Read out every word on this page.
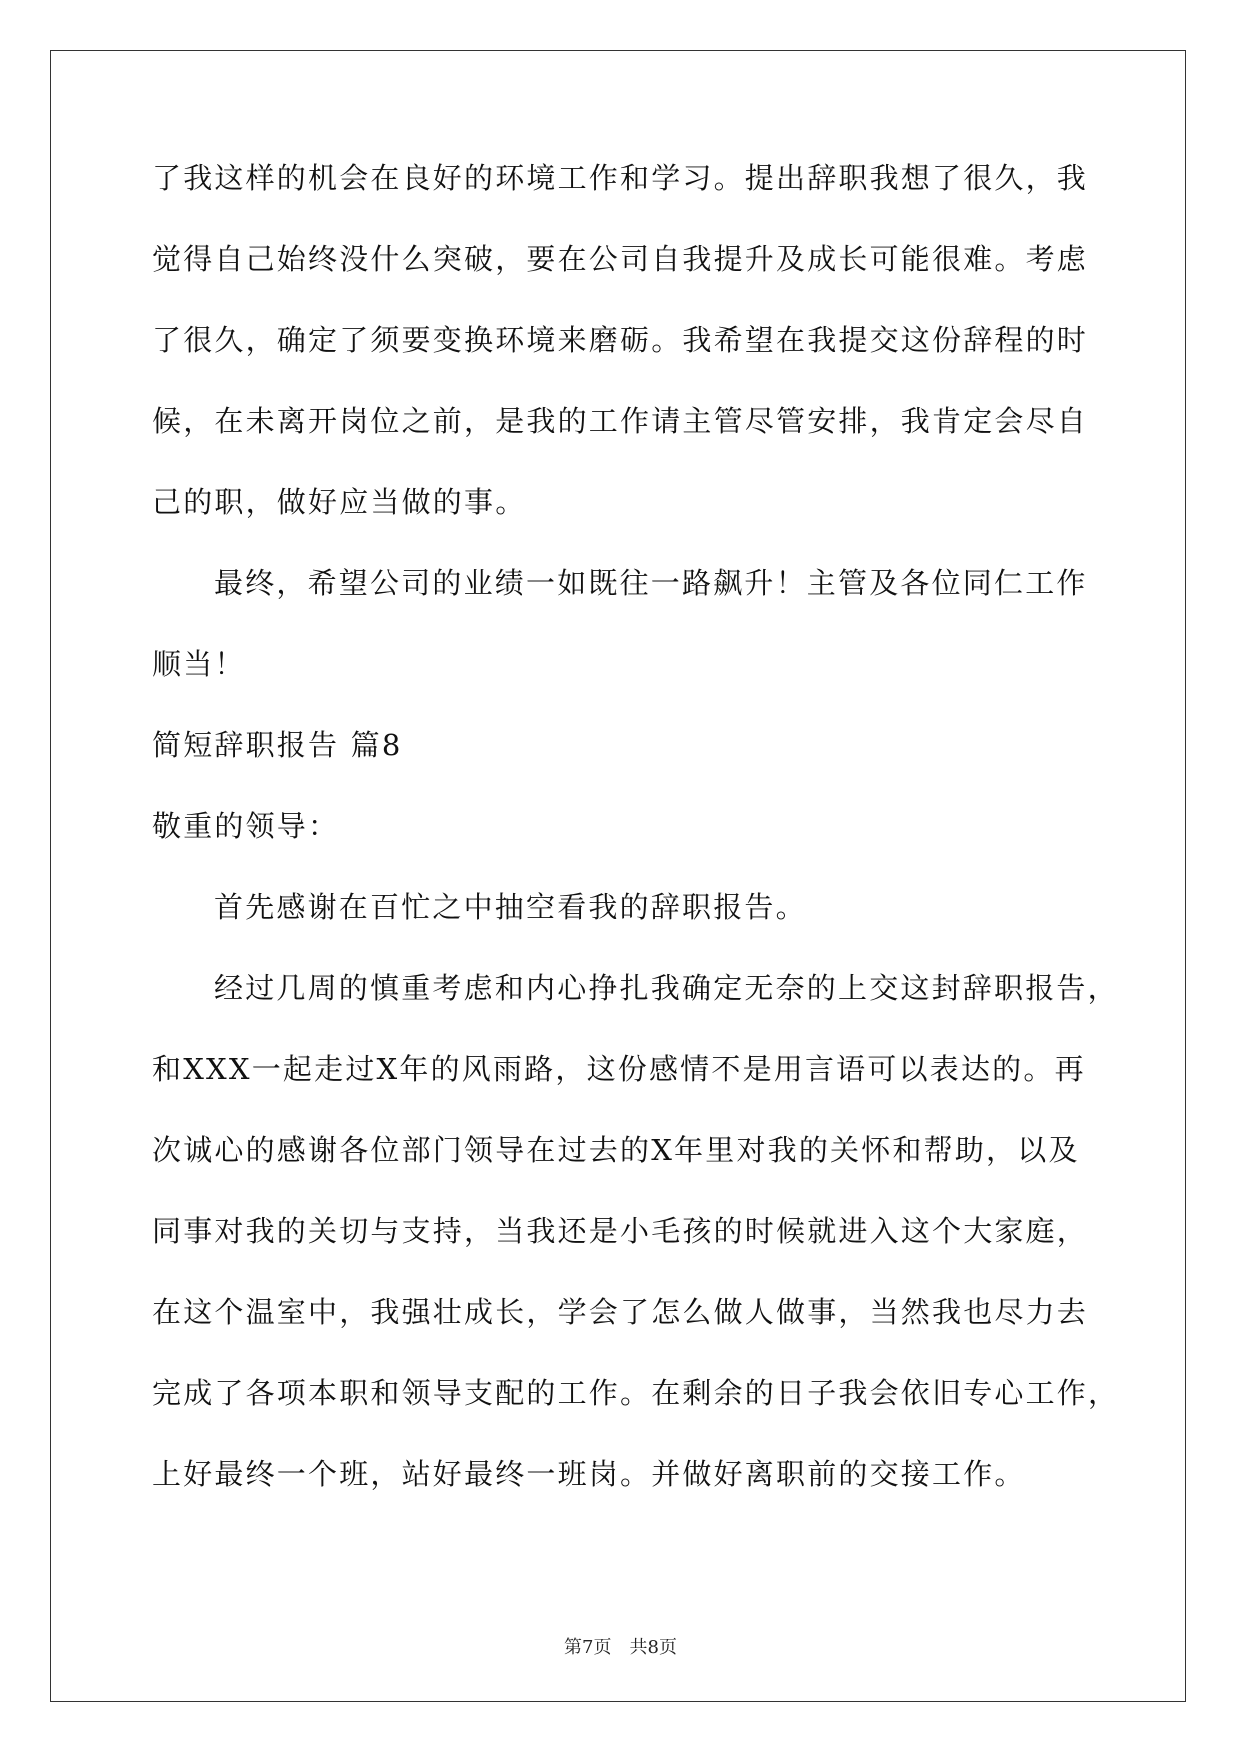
了我这样的机会在良好的环境工作和学习。提出辞职我想了很久，我
觉得自己始终没什么突破，要在公司自我提升及成长可能很难。考虑
了很久，确定了须要变换环境来磨砺。我希望在我提交这份辞程的时
候，在未离开岗位之前，是我的工作请主管尽管安排，我肯定会尽自
己的职，做好应当做的事。
最终，希望公司的业绩一如既往一路飙升！主管及各位同仁工作
顺当！
简短辞职报告 篇8
敬重的领导：
首先感谢在百忙之中抽空看我的辞职报告。
经过几周的慎重考虑和内心挣扎我确定无奈的上交这封辞职报告，
和XXX一起走过X年的风雨路，这份感情不是用言语可以表达的。再
次诚心的感谢各位部门领导在过去的X年里对我的关怀和帮助，以及
同事对我的关切与支持，当我还是小毛孩的时候就进入这个大家庭，
在这个温室中，我强壮成长，学会了怎么做人做事，当然我也尽力去
完成了各项本职和领导支配的工作。在剩余的日子我会依旧专心工作，
上好最终一个班，站好最终一班岗。并做好离职前的交接工作。
第7页 共8页
